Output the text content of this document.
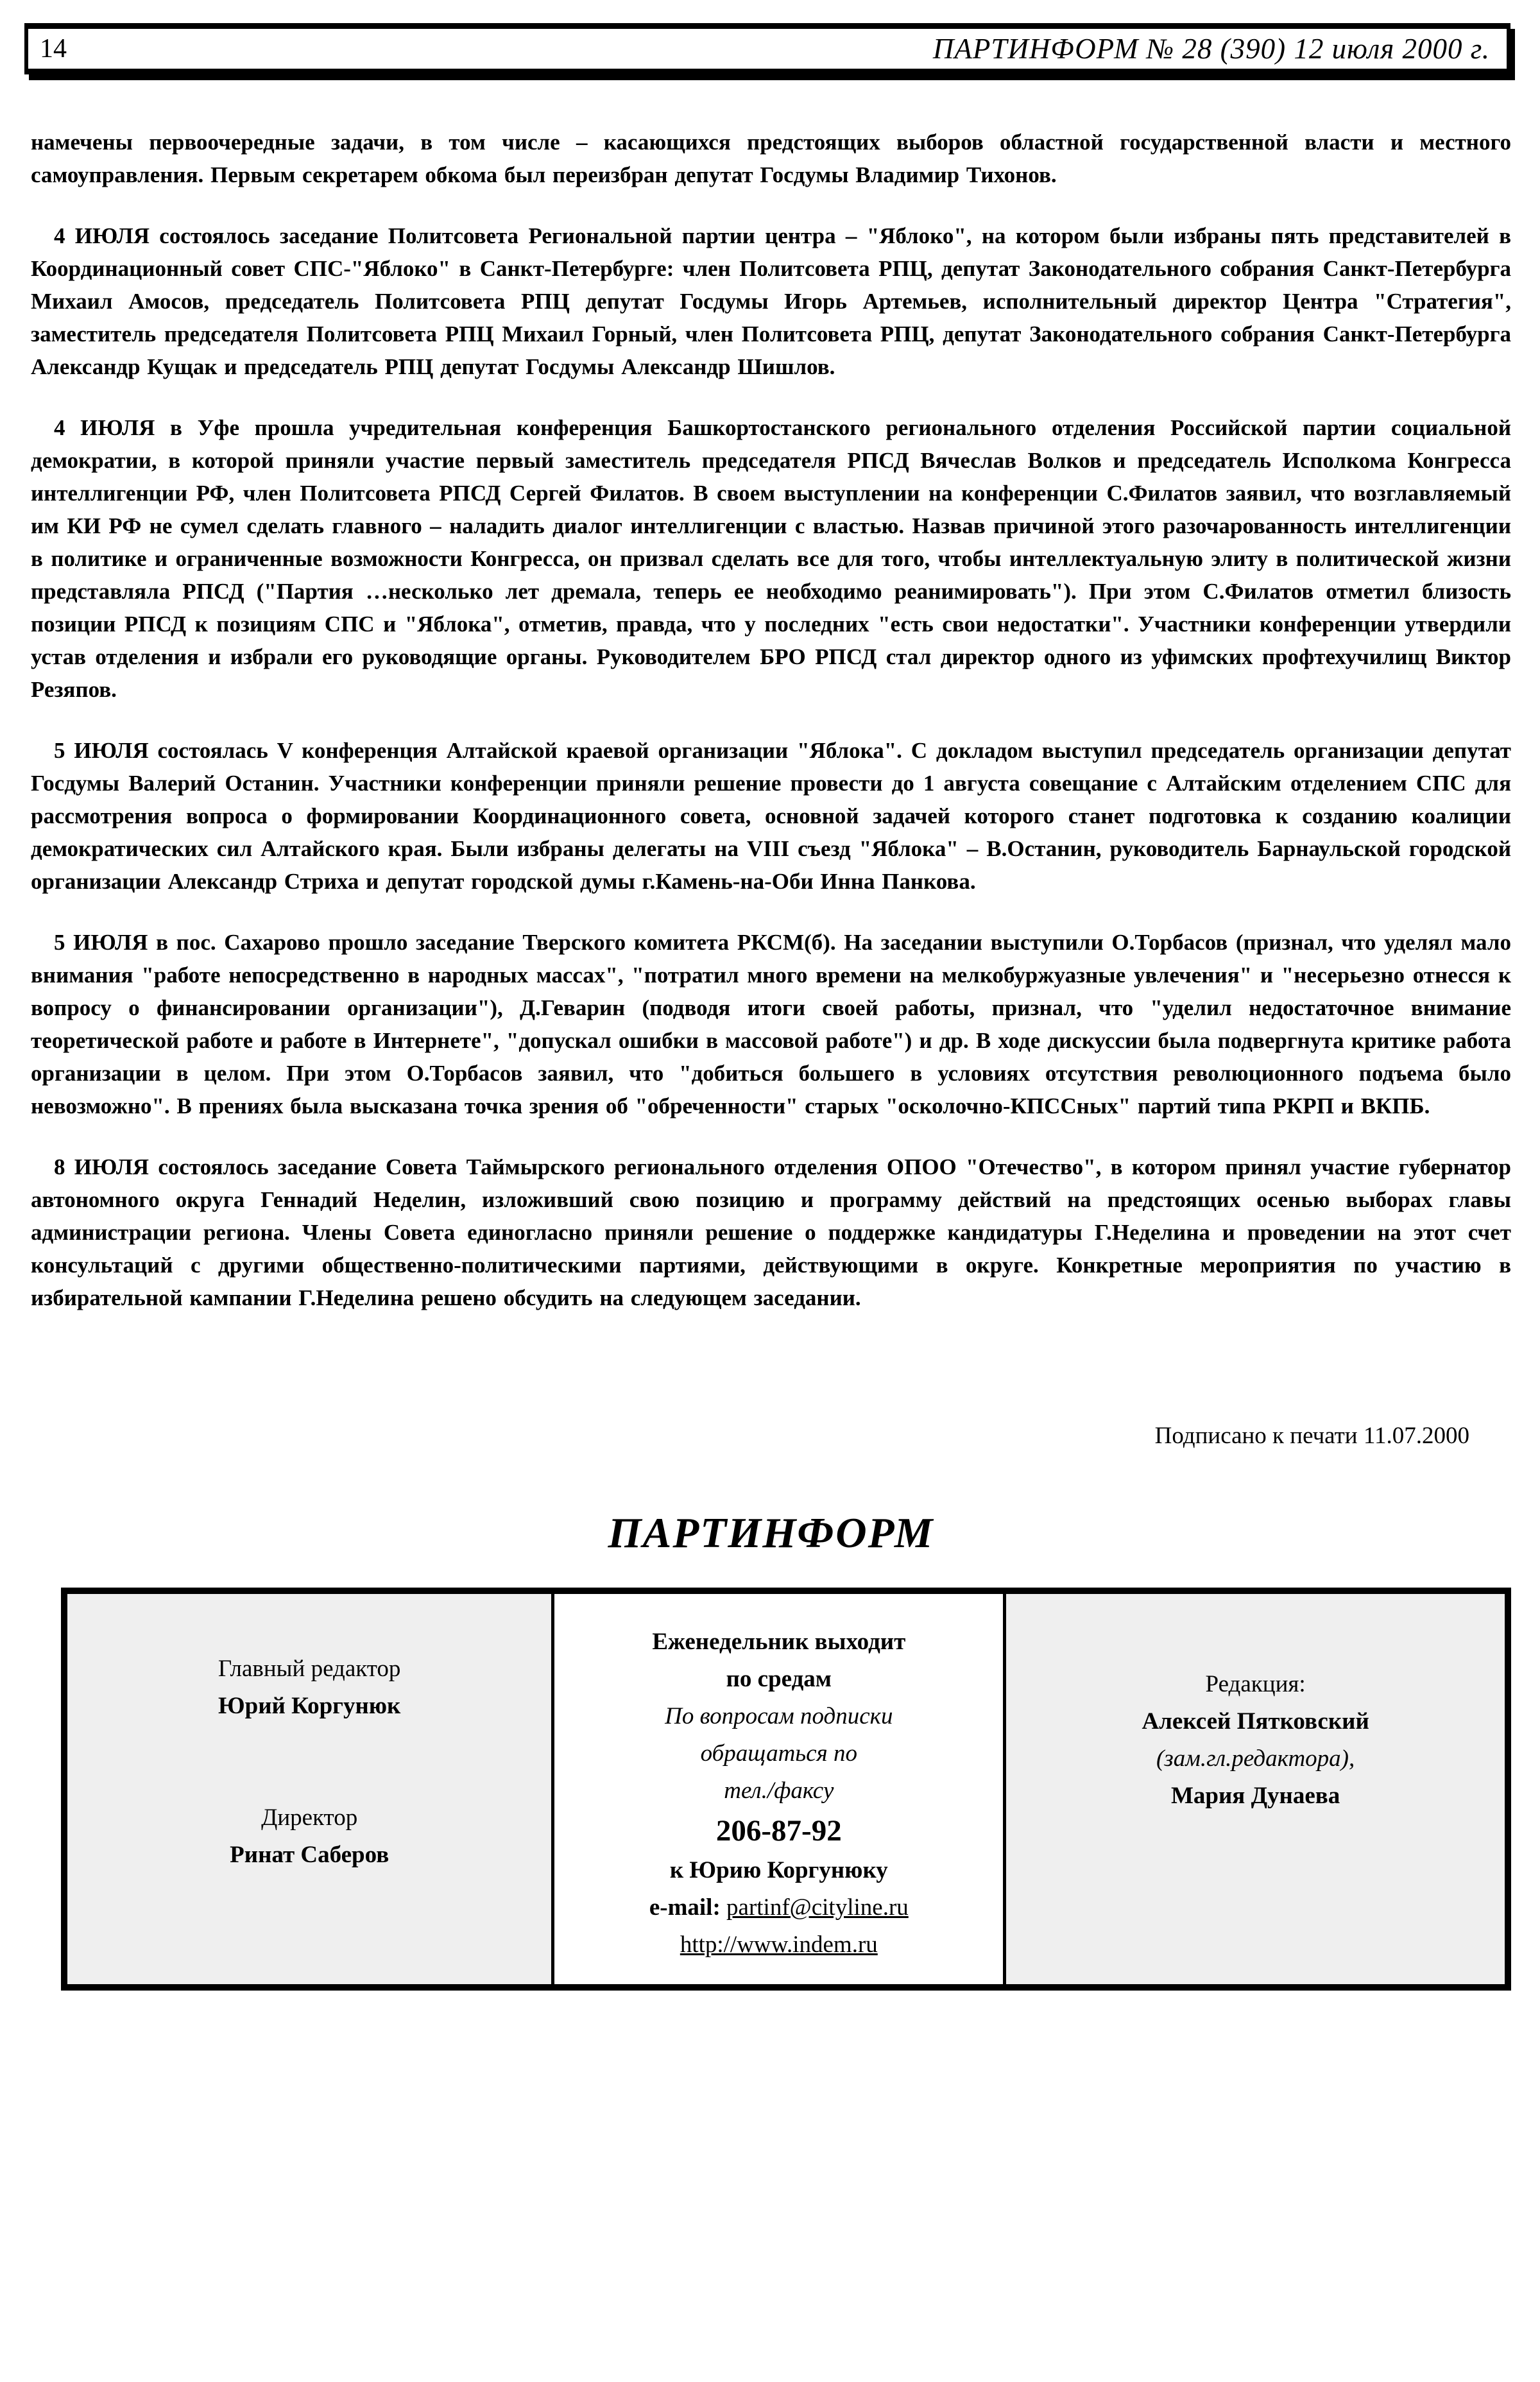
14	ПАРТИНФОРМ № 28 (390) 12 июля 2000 г.

намечены первоочередные задачи, в том числе – касающихся предстоящих выборов областной государственной власти и местного самоуправления. Первым секретарем обкома был переизбран депутат Госдумы Владимир Тихонов.

4 ИЮЛЯ состоялось заседание Политсовета Региональной партии центра – "Яблоко", на котором были избраны пять представителей в Координационный совет СПС-"Яблоко" в Санкт-Петербурге: член Политсовета РПЦ, депутат Законодательного собрания Санкт-Петербурга Михаил Амосов, председатель Политсовета РПЦ депутат Госдумы Игорь Артемьев, исполнительный директор Центра "Стратегия", заместитель председателя Политсовета РПЦ Михаил Горный, член Политсовета РПЦ, депутат Законодательного собрания Санкт-Петербурга Александр Кущак и председатель РПЦ депутат Госдумы Александр Шишлов.

4 ИЮЛЯ в Уфе прошла учредительная конференция Башкортостанского регионального отделения Российской партии социальной демократии, в которой приняли участие первый заместитель председателя РПСД Вячеслав Волков и председатель Исполкома Конгресса интеллигенции РФ, член Политсовета РПСД Сергей Филатов. В своем выступлении на конференции С.Филатов заявил, что возглавляемый им КИ РФ не сумел сделать главного – наладить диалог интеллигенции с властью. Назвав причиной этого разочарованность интеллигенции в политике и ограниченные возможности Конгресса, он призвал сделать все для того, чтобы интеллектуальную элиту в политической жизни представляла РПСД ("Партия …несколько лет дремала, теперь ее необходимо реанимировать"). При этом С.Филатов отметил близость позиции РПСД к позициям СПС и "Яблока", отметив, правда, что у последних "есть свои недостатки". Участники конференции утвердили устав отделения и избрали его руководящие органы. Руководителем БРО РПСД стал директор одного из уфимских профтехучилищ Виктор Резяпов.

5 ИЮЛЯ состоялась V конференция Алтайской краевой организации "Яблока". С докладом выступил председатель организации депутат Госдумы Валерий Останин. Участники конференции приняли решение провести до 1 августа совещание с Алтайским отделением СПС для рассмотрения вопроса о формировании Координационного совета, основной задачей которого станет подготовка к созданию коалиции демократических сил Алтайского края. Были избраны делегаты на VIII съезд "Яблока" – В.Останин, руководитель Барнаульской городской организации Александр Стриха и депутат городской думы г.Камень-на-Оби Инна Панкова.

5 ИЮЛЯ в пос. Сахарово прошло заседание Тверского комитета РКСМ(б). На заседании выступили О.Торбасов (признал, что уделял мало внимания "работе непосредственно в народных массах", "потратил много времени на мелкобуржуазные увлечения" и "несерьезно отнесся к вопросу о финансировании организации"), Д.Геварин (подводя итоги своей работы, признал, что "уделил недостаточное внимание теоретической работе и работе в Интернете", "допускал ошибки в массовой работе") и др. В ходе дискуссии была подвергнута критике работа организации в целом. При этом О.Торбасов заявил, что "добиться большего в условиях отсутствия революционного подъема было невозможно". В прениях была высказана точка зрения об "обреченности" старых "осколочно-КПССных" партий типа РКРП и ВКПБ.

8 ИЮЛЯ состоялось заседание Совета Таймырского регионального отделения ОПОО "Отечество", в котором принял участие губернатор автономного округа Геннадий Неделин, изложивший свою позицию и программу действий на предстоящих осенью выборах главы администрации региона. Члены Совета единогласно приняли решение о поддержке кандидатуры Г.Неделина и проведении на этот счет консультаций с другими общественно-политическими партиями, действующими в округе. Конкретные мероприятия по участию в избирательной кампании Г.Неделина решено обсудить на следующем заседании.

Подписано к печати 11.07.2000
ПАРТИНФОРМ
Главный редактор
Юрий Коргунюк
Директор
Ринат Саберов
Еженедельник выходит
по средам
По вопросам подписки
обращаться по
тел./факсу
206-87-92
к Юрию Коргунюку
e-mail: partinf@cityline.ru
http://www.indem.ru
Редакция:
Алексей Пятковский
(зам.гл.редактора),
Мария Дунаева
